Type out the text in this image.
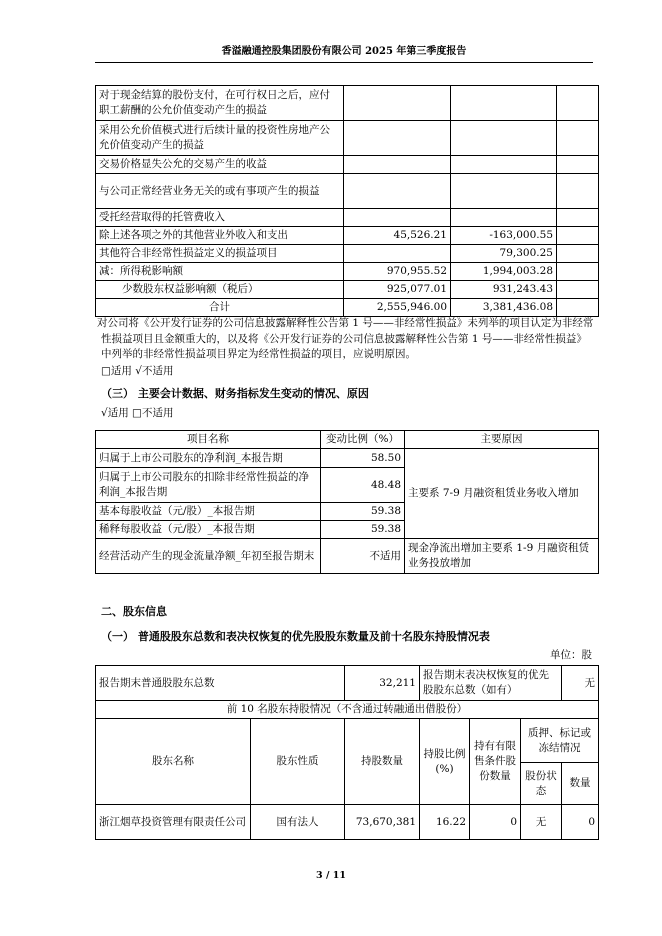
香溢融通控股集团股份有限公司 2025 年第三季度报告
对于现金结算的股份支付，在可行权日之后，应付职工薪酬的公允价值变动产生的损益			
采用公允价值模式进行后续计量的投资性房地产公允价值变动产生的损益			
交易价格显失公允的交易产生的收益			
与公司正常经营业务无关的或有事项产生的损益			
受托经营取得的托管费收入			
除上述各项之外的其他营业外收入和支出	45,526.21	-163,000.55	
其他符合非经常性损益定义的损益项目		79,300.25	
减：所得税影响额	970,955.52	1,994,003.28	
少数股东权益影响额（税后）	925,077.01	931,243.43	
合计	2,555,946.00	3,381,436.08	
对公司将《公开发行证券的公司信息披露解释性公告第 1 号——非经常性损益》未列举的项目认定为非经常性损益项目且金额重大的，以及将《公开发行证券的公司信息披露解释性公告第 1 号——非经常性损益》中列举的非经常性损益项目界定为经常性损益的项目，应说明原因。
□适用 √不适用
（三） 主要会计数据、财务指标发生变动的情况、原因
√适用 □不适用
项目名称	变动比例（%）	主要原因
归属于上市公司股东的净利润_本报告期	58.50	主要系 7-9 月融资租赁业务收入增加
归属于上市公司股东的扣除非经常性损益的净利润_本报告期	48.48	
基本每股收益（元/股）_本报告期	59.38	
稀释每股收益（元/股）_本报告期	59.38	
经营活动产生的现金流量净额_年初至报告期末	不适用	现金净流出增加主要系 1-9 月融资租赁业务投放增加
二、股东信息
（一） 普通股股东总数和表决权恢复的优先股股东数量及前十名股东持股情况表
单位：股
报告期末普通股股东总数		32,211	报告期末表决权恢复的优先股股东总数（如有）			无
前 10 名股东持股情况（不含通过转融通出借股份）						
股东名称	股东性质	持股数量	持股比例(%)	持有有限售条件股份数量	质押、标记或冻结情况	
					股份状态	数量
浙江烟草投资管理有限责任公司	国有法人	73,670,381	16.22	0	无	0
3 / 11
